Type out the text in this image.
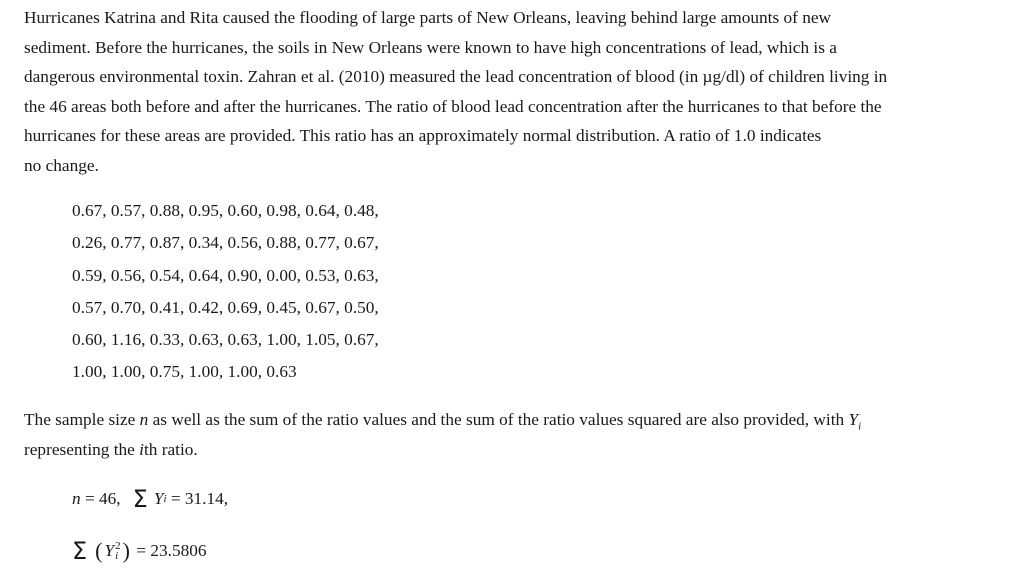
Hurricanes Katrina and Rita caused the flooding of large parts of New Orleans, leaving behind large amounts of new
sediment. Before the hurricanes, the soils in New Orleans were known to have high concentrations of lead, which is a
dangerous environmental toxin. Zahran et al. (2010) measured the lead concentration of blood (in µg/dl) of children living in
the 46 areas both before and after the hurricanes. The ratio of blood lead concentration after the hurricanes to that before the
hurricanes for these areas are provided. This ratio has an approximately normal distribution. A ratio of 1.0 indicates
no change.
0.67, 0.57, 0.88, 0.95, 0.60, 0.98, 0.64, 0.48,
0.26, 0.77, 0.87, 0.34, 0.56, 0.88, 0.77, 0.67,
0.59, 0.56, 0.54, 0.64, 0.90, 0.00, 0.53, 0.63,
0.57, 0.70, 0.41, 0.42, 0.69, 0.45, 0.67, 0.50,
0.60, 1.16, 0.33, 0.63, 0.63, 1.00, 1.05, 0.67,
1.00, 1.00, 0.75, 1.00, 1.00, 0.63
The sample size n as well as the sum of the ratio values and the sum of the ratio values squared are also provided, with $Y_i$
representing the ith ratio.
n = 46, Σ Y i = 31.14,
Σ ( Y 2
i ) = 23.5806
